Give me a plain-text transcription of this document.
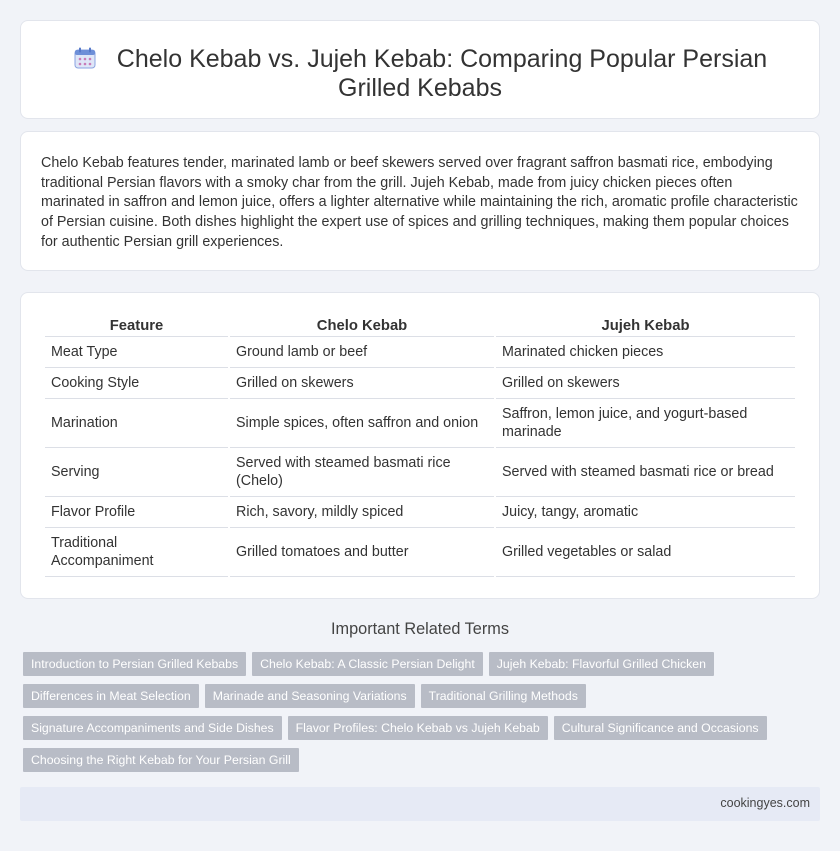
Chelo Kebab vs. Jujeh Kebab: Comparing Popular Persian Grilled Kebabs

Chelo Kebab features tender, marinated lamb or beef skewers served over fragrant saffron basmati rice, embodying traditional Persian flavors with a smoky char from the grill. Jujeh Kebab, made from juicy chicken pieces often marinated in saffron and lemon juice, offers a lighter alternative while maintaining the rich, aromatic profile characteristic of Persian cuisine. Both dishes highlight the expert use of spices and grilling techniques, making them popular choices for authentic Persian grill experiences.

Feature	Chelo Kebab	Jujeh Kebab
Meat Type	Ground lamb or beef	Marinated chicken pieces
Cooking Style	Grilled on skewers	Grilled on skewers
Marination	Simple spices, often saffron and onion	Saffron, lemon juice, and yogurt-based marinade
Serving	Served with steamed basmati rice (Chelo)	Served with steamed basmati rice or bread
Flavor Profile	Rich, savory, mildly spiced	Juicy, tangy, aromatic
Traditional Accompaniment	Grilled tomatoes and butter	Grilled vegetables or salad
Important Related Terms
Introduction to Persian Grilled Kebabs Chelo Kebab: A Classic Persian Delight Jujeh Kebab: Flavorful Grilled Chicken
Differences in Meat Selection Marinade and Seasoning Variations Traditional Grilling Methods
Signature Accompaniments and Side Dishes Flavor Profiles: Chelo Kebab vs Jujeh Kebab Cultural Significance and Occasions
Choosing the Right Kebab for Your Persian Grill
cookingyes.com
